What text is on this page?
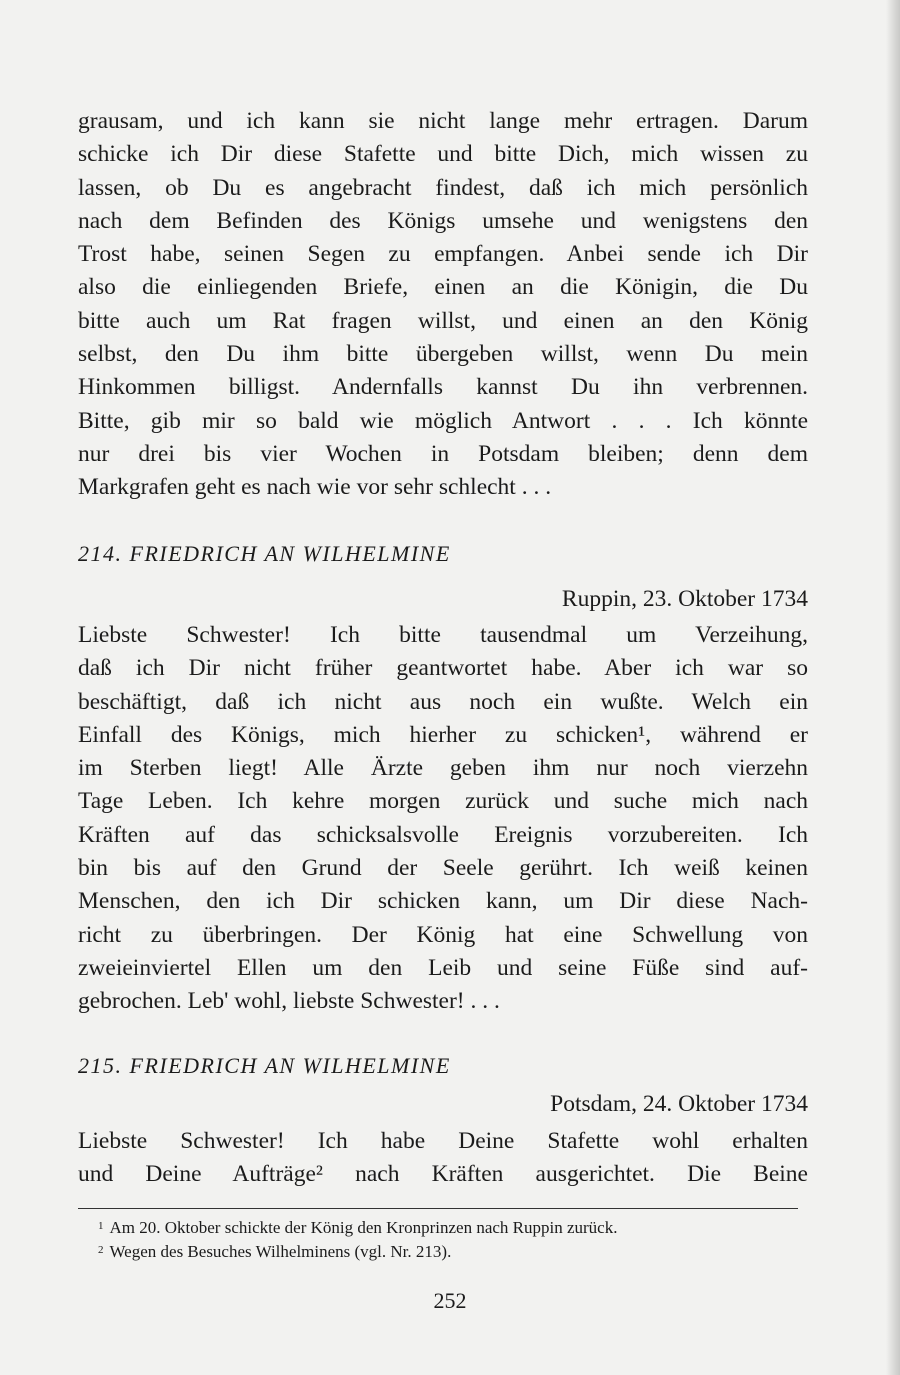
grausam, und ich kann sie nicht lange mehr ertragen. Darum
schicke ich Dir diese Stafette und bitte Dich, mich wissen zu
lassen, ob Du es angebracht findest, daß ich mich persönlich
nach dem Befinden des Königs umsehe und wenigstens den
Trost habe, seinen Segen zu empfangen. Anbei sende ich Dir
also die einliegenden Briefe, einen an die Königin, die Du
bitte auch um Rat fragen willst, und einen an den König
selbst, den Du ihm bitte übergeben willst, wenn Du mein
Hinkommen billigst. Andernfalls kannst Du ihn verbrennen.
Bitte, gib mir so bald wie möglich Antwort . . . Ich könnte
nur drei bis vier Wochen in Potsdam bleiben; denn dem
Markgrafen geht es nach wie vor sehr schlecht . . .
214. FRIEDRICH AN WILHELMINE
Ruppin, 23. Oktober 1734
Liebste Schwester! Ich bitte tausendmal um Verzeihung,
daß ich Dir nicht früher geantwortet habe. Aber ich war so
beschäftigt, daß ich nicht aus noch ein wußte. Welch ein
Einfall des Königs, mich hierher zu schicken¹, während er
im Sterben liegt! Alle Ärzte geben ihm nur noch vierzehn
Tage Leben. Ich kehre morgen zurück und suche mich nach
Kräften auf das schicksalsvolle Ereignis vorzubereiten. Ich
bin bis auf den Grund der Seele gerührt. Ich weiß keinen
Menschen, den ich Dir schicken kann, um Dir diese Nach-
richt zu überbringen. Der König hat eine Schwellung von
zweieinviertel Ellen um den Leib und seine Füße sind auf-
gebrochen. Leb' wohl, liebste Schwester! . . .
215. FRIEDRICH AN WILHELMINE
Potsdam, 24. Oktober 1734
Liebste Schwester! Ich habe Deine Stafette wohl erhalten
und Deine Aufträge² nach Kräften ausgerichtet. Die Beine
$^1$ Am 20. Oktober schickte der König den Kronprinzen nach Ruppin zurück.
$^2$ Wegen des Besuches Wilhelminens (vgl. Nr. 213).
252
